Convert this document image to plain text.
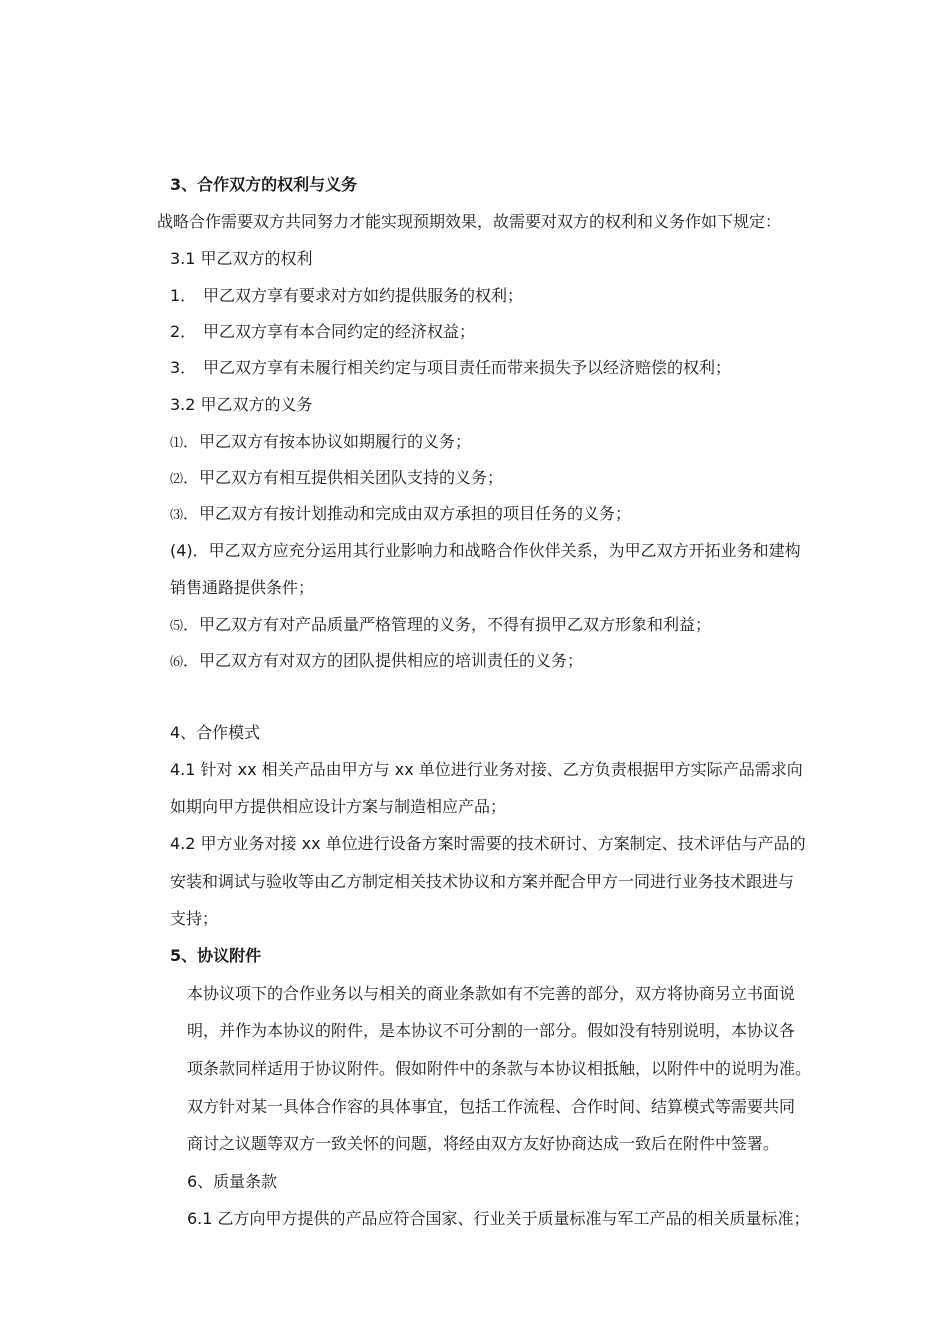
3、合作双方的权利与义务
战略合作需要双方共同努力才能实现预期效果，故需要对双方的权利和义务作如下规定：
3.1 甲乙双方的权利
1． 甲乙双方享有要求对方如约提供服务的权利；
2． 甲乙双方享有本合同约定的经济权益；
3． 甲乙双方享有未履行相关约定与项目责任而带来损失予以经济赔偿的权利；
3.2 甲乙双方的义务
⑴．甲乙双方有按本协议如期履行的义务；
⑵．甲乙双方有相互提供相关团队支持的义务；
⑶．甲乙双方有按计划推动和完成由双方承担的项目任务的义务；
(4)．甲乙双方应充分运用其行业影响力和战略合作伙伴关系，为甲乙双方开拓业务和建构
销售通路提供条件；
⑸．甲乙双方有对产品质量严格管理的义务，不得有损甲乙双方形象和利益；
⑹．甲乙双方有对双方的团队提供相应的培训责任的义务；
4、合作模式
4.1 针对 xx 相关产品由甲方与 xx 单位进行业务对接、乙方负责根据甲方实际产品需求向
如期向甲方提供相应设计方案与制造相应产品；
4.2 甲方业务对接 xx 单位进行设备方案时需要的技术研讨、方案制定、技术评估与产品的
安装和调试与验收等由乙方制定相关技术协议和方案并配合甲方一同进行业务技术跟进与
支持；
5、协议附件
本协议项下的合作业务以与相关的商业条款如有不完善的部分，双方将协商另立书面说
明，并作为本协议的附件，是本协议不可分割的一部分。假如没有特别说明，本协议各
项条款同样适用于协议附件。假如附件中的条款与本协议相抵触，以附件中的说明为准。
双方针对某一具体合作容的具体事宜，包括工作流程、合作时间、结算模式等需要共同
商讨之议题等双方一致关怀的问题，将经由双方友好协商达成一致后在附件中签署。
6、质量条款
6.1 乙方向甲方提供的产品应符合国家、行业关于质量标准与军工产品的相关质量标准；
